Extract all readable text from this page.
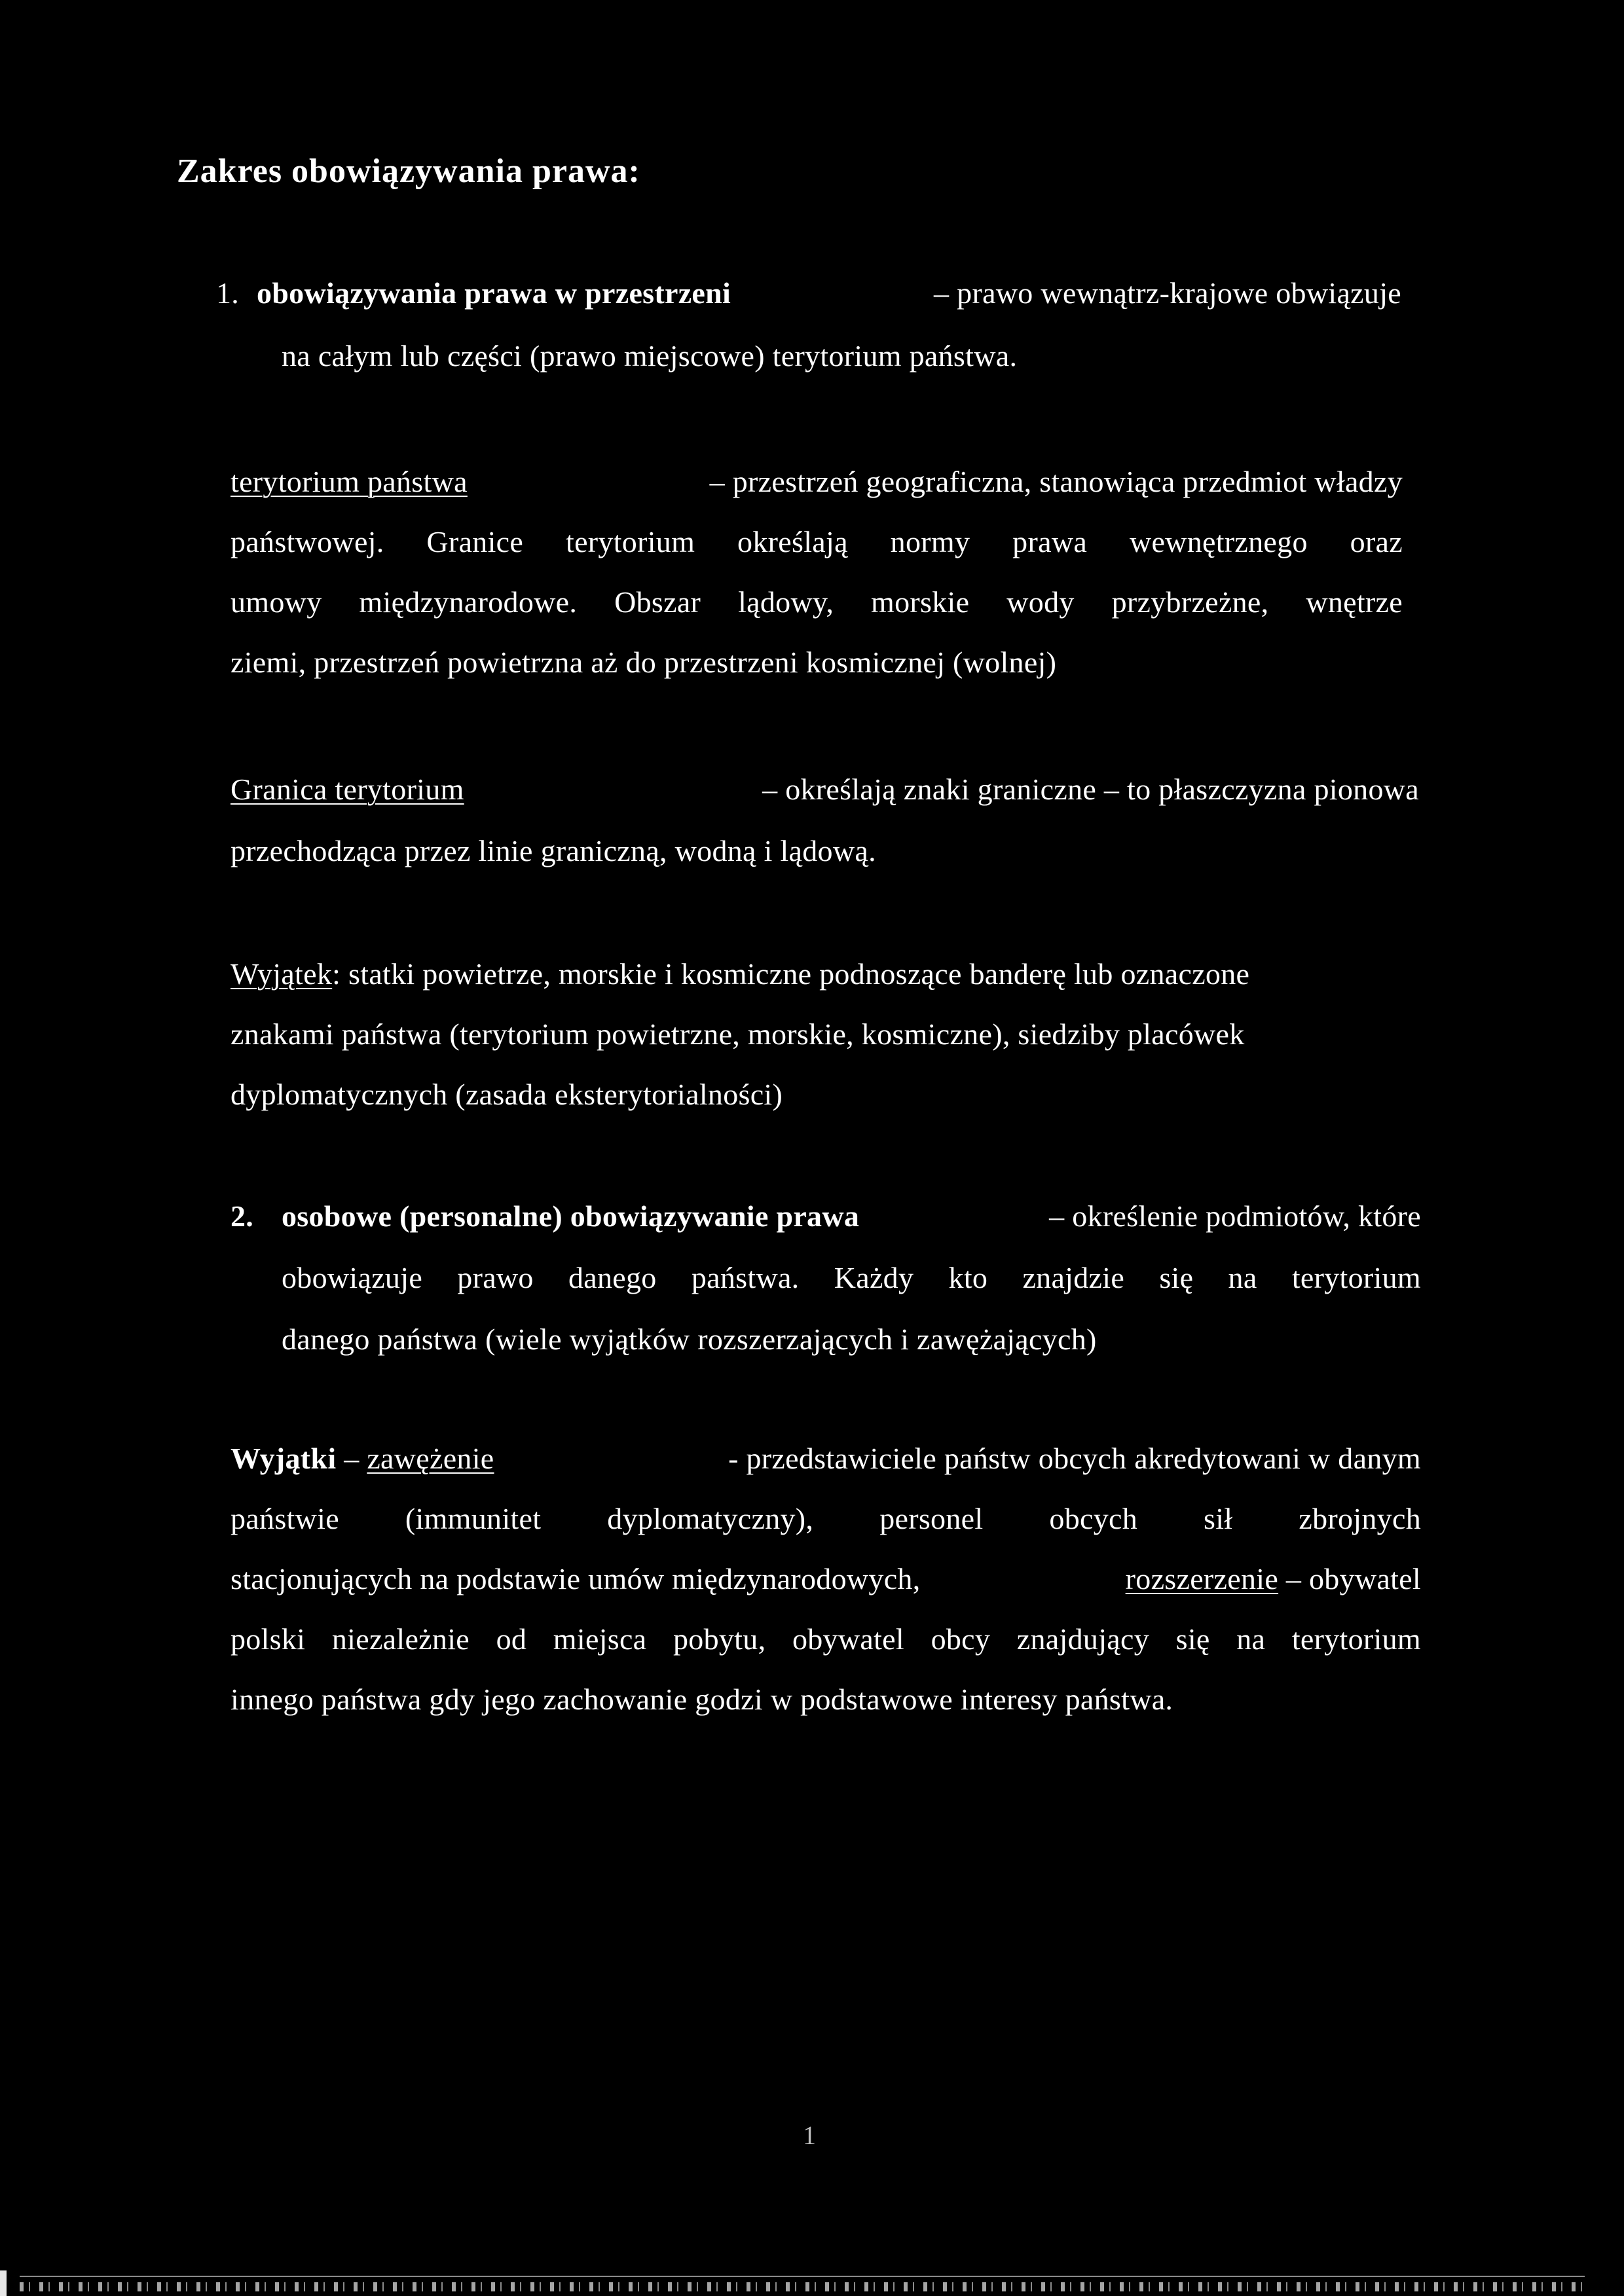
Zakres obowiązywania prawa:
1. obowiązywania prawa w przestrzeni	– prawo wewnątrz-krajowe obwiązuje
na całym lub części (prawo miejscowe) terytorium państwa.
terytorium państwa	– przestrzeń geograficzna, stanowiąca przedmiot władzy
państwowej. Granice terytorium określają normy prawa wewnętrznego oraz
umowy międzynarodowe. Obszar lądowy, morskie wody przybrzeżne, wnętrze
ziemi, przestrzeń powietrzna aż do przestrzeni kosmicznej (wolnej)
Granica terytorium	– określają znaki graniczne – to płaszczyzna pionowa
przechodząca przez linie graniczną, wodną i lądową.
Wyjątek: statki powietrze, morskie i kosmiczne podnoszące banderę lub oznaczone
znakami państwa (terytorium powietrzne, morskie, kosmiczne), siedziby placówek
dyplomatycznych (zasada eksterytorialności)
2. osobowe (personalne) obowiązywanie prawa	– określenie podmiotów, które
obowiązuje prawo danego państwa. Każdy kto znajdzie się na terytorium
danego państwa (wiele wyjątków rozszerzających i zawężających)
Wyjątki – zawężenie	- przedstawiciele państw obcych akredytowani w danym
państwie (immunitet dyplomatyczny), personel obcych sił zbrojnych
stacjonujących na podstawie umów międzynarodowych,	rozszerzenie – obywatel
polski niezależnie od miejsca pobytu, obywatel obcy znajdujący się na terytorium
innego państwa gdy jego zachowanie godzi w podstawowe interesy państwa.
1
